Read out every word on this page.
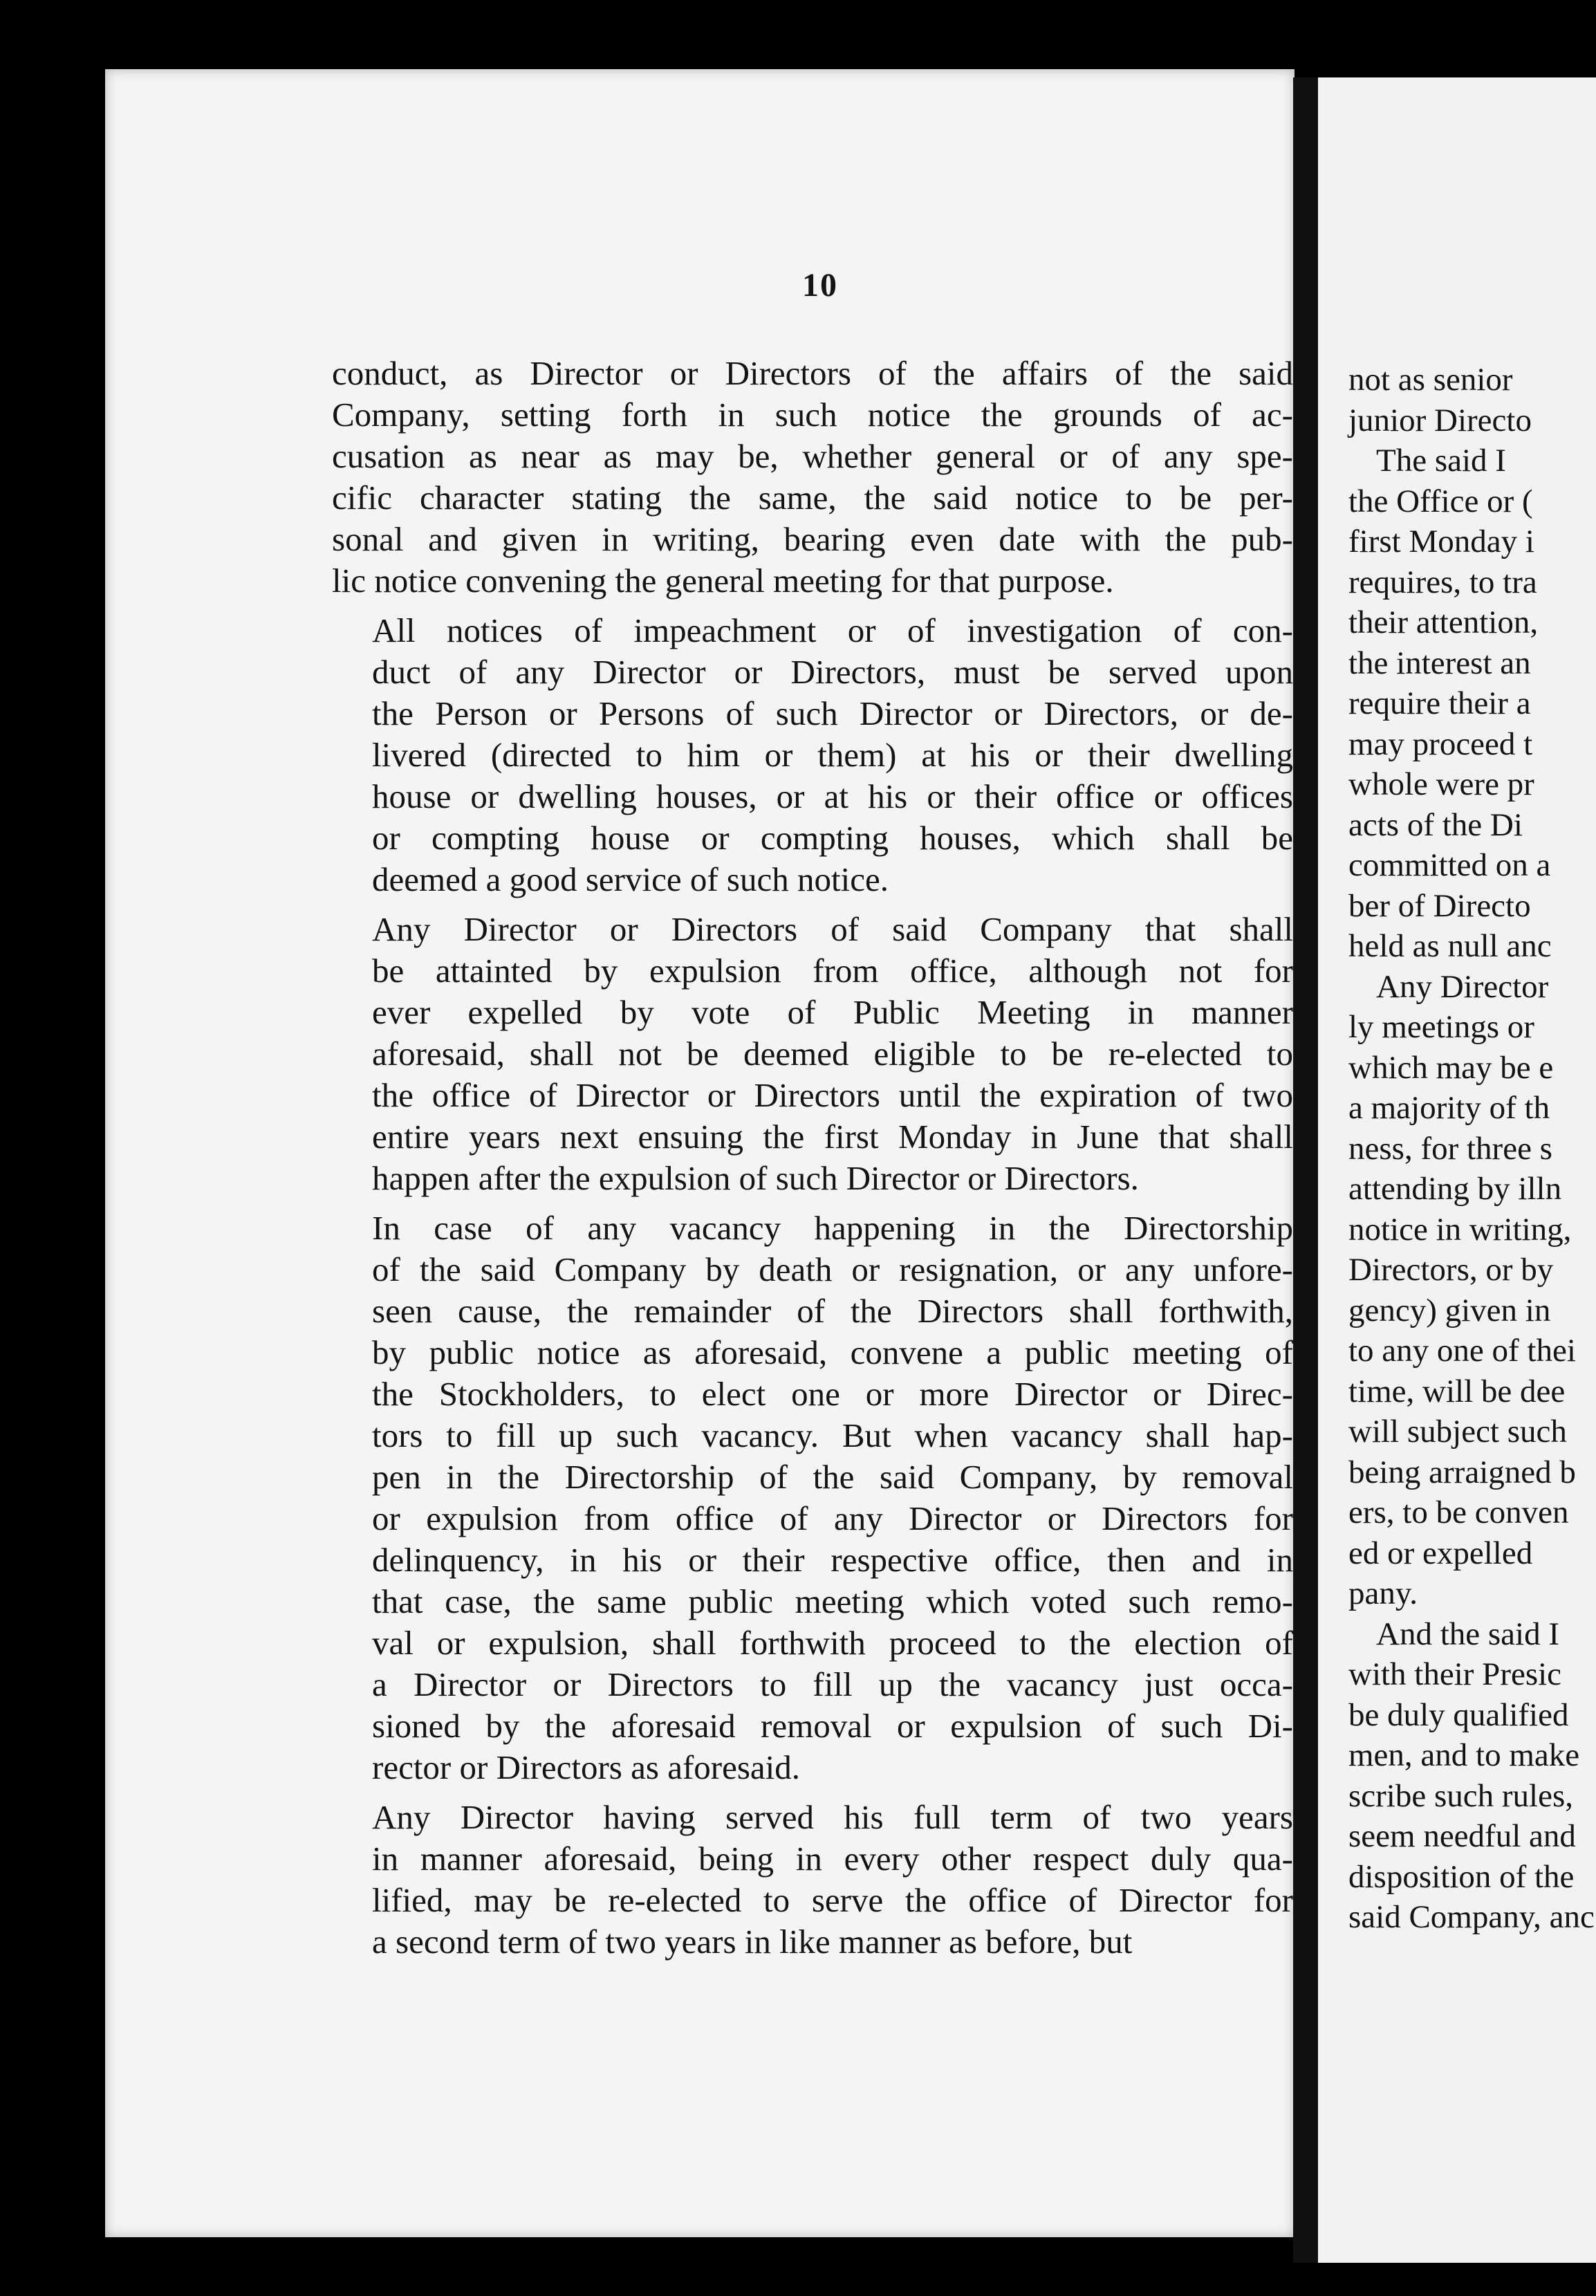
10
conduct, as Director or Directors of the affairs of the said
Company, setting forth in such notice the grounds of ac-
cusation as near as may be, whether general or of any spe-
cific character stating the same, the said notice to be per-
sonal and given in writing, bearing even date with the pub-
lic notice convening the general meeting for that purpose.
All notices of impeachment or of investigation of con-
duct of any Director or Directors, must be served upon
the Person or Persons of such Director or Directors, or de-
livered (directed to him or them) at his or their dwelling
house or dwelling houses, or at his or their office or offices
or compting house or compting houses, which shall be
deemed a good service of such notice.
Any Director or Directors of said Company that shall
be attainted by expulsion from office, although not for
ever expelled by vote of Public Meeting in manner
aforesaid, shall not be deemed eligible to be re-elected to
the office of Director or Directors until the expiration of two
entire years next ensuing the first Monday in June that shall
happen after the expulsion of such Director or Directors.
In case of any vacancy happening in the Directorship
of the said Company by death or resignation, or any unfore-
seen cause, the remainder of the Directors shall forthwith,
by public notice as aforesaid, convene a public meeting of
the Stockholders, to elect one or more Director or Direc-
tors to fill up such vacancy. But when vacancy shall hap-
pen in the Directorship of the said Company, by removal
or expulsion from office of any Director or Directors for
delinquency, in his or their respective office, then and in
that case, the same public meeting which voted such remo-
val or expulsion, shall forthwith proceed to the election of
a Director or Directors to fill up the vacancy just occa-
sioned by the aforesaid removal or expulsion of such Di-
rector or Directors as aforesaid.
Any Director having served his full term of two years
in manner aforesaid, being in every other respect duly qua-
lified, may be re-elected to serve the office of Director for
a second term of two years in like manner as before, but
not as senior
junior Directo
The said I
the Office or (
first Monday i
requires, to tra
their attention,
the interest an
require their a
may proceed t
whole were pr
acts of the Di
committed on a
ber of Directo
held as null anc
Any Director
ly meetings or
which may be e
a majority of th
ness, for three s
attending by illn
notice in writing,
Directors, or by
gency) given in
to any one of thei
time, will be dee
will subject such
being arraigned b
ers, to be conven
ed or expelled
pany.
And the said I
with their Presic
be duly qualified
men, and to make
scribe such rules,
seem needful and
disposition of the
said Company, anc
